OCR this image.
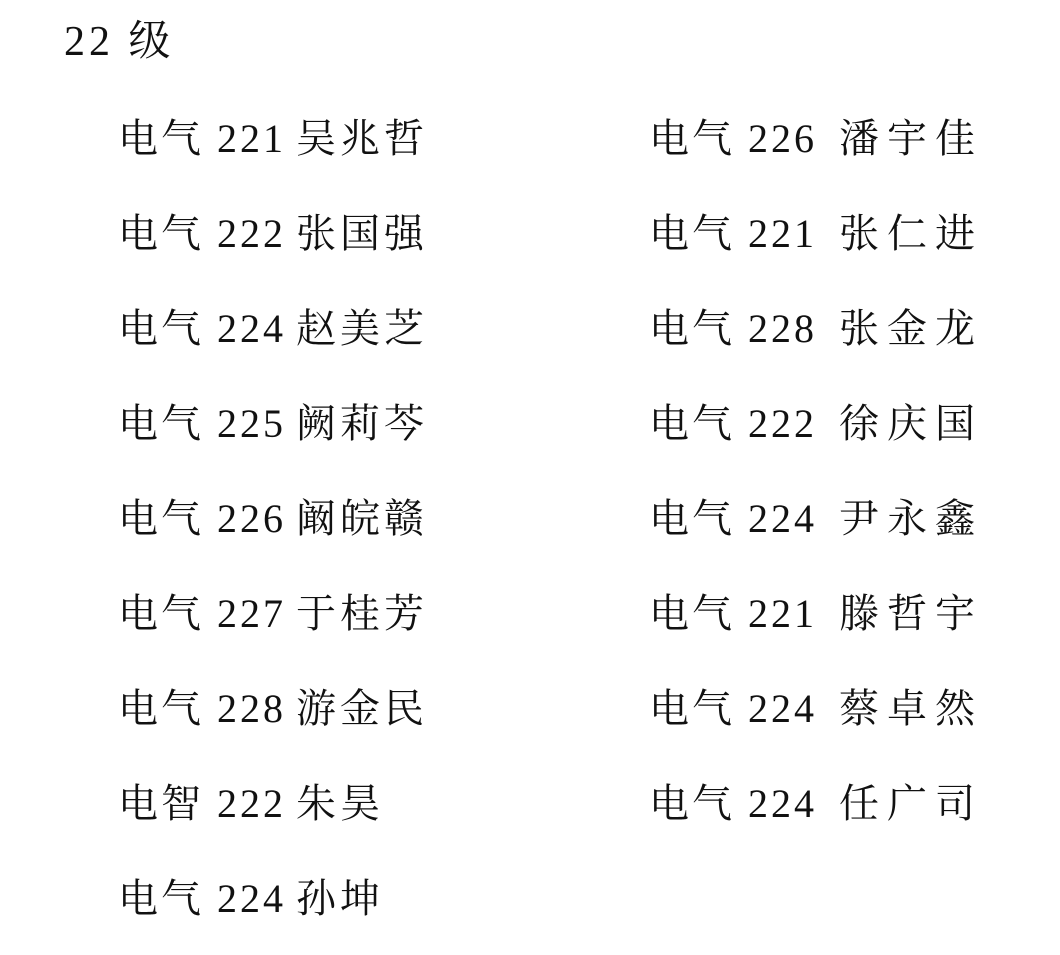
22 级
电气 221 吴兆哲
电气 222 张国强
电气 224 赵美芝
电气 225 阙莉芩
电气 226 阚皖赣
电气 227 于桂芳
电气 228 游金民
电智 222 朱昊
电气 224 孙坤
电气 226 潘宇佳
电气 221 张仁进
电气 228 张金龙
电气 222 徐庆国
电气 224 尹永鑫
电气 221 滕哲宇
电气 224 蔡卓然
电气 224 任广司
